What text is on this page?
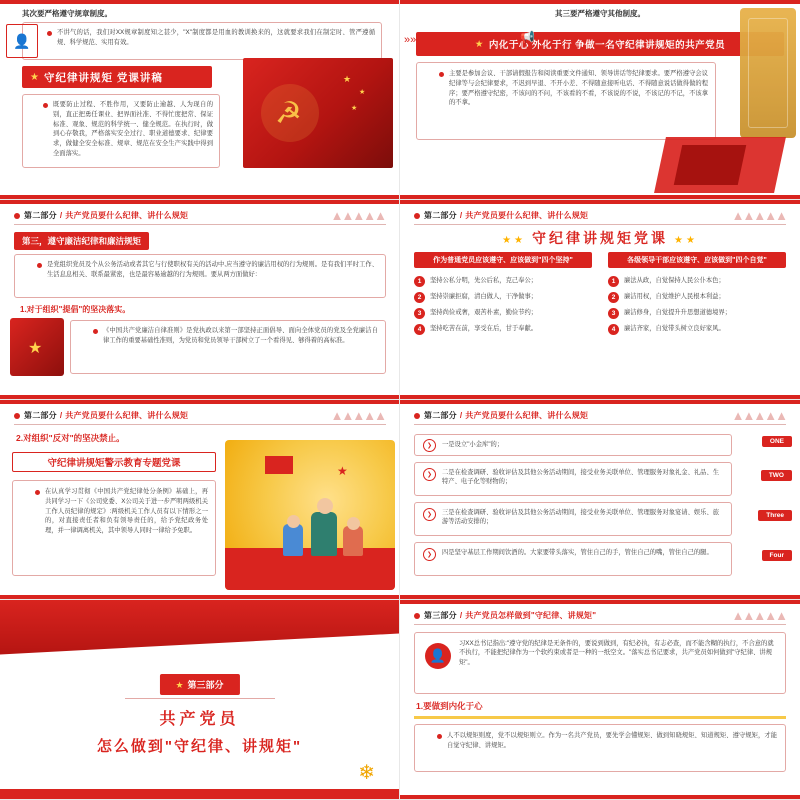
其次要严格遵守规章制度。
不讲气的话，我们对XX规章制度知之甚少，"X"制度都是用血的教训换来的，这就要求我们在制定时、管严遵循规、科学规范、实用有效。
👤
★ 守纪律讲规矩 党课讲稿
既要防止过程、不胜作用，又要防止逾越、人为现自的别，直正把勇任课业、把界面社准、不得忙度把常、保证标准、观象、规范的科学统一、健全规范。在执行时，做到心存敬我，严格落实安全过行、职业道德要求、纪律要求，做健全安全标准、规章、规范在安全生产实践中得到全面落实。
☭
★
★
★
其三要严格遵守其他制度。
★ 内化于心 外化于行 争做一名守纪律讲规矩的共产党员
»»
主要是参加会议、干部请假报告和阅读重要文件通知、领导讲话等纪律要求。要严格遵守会议纪律等与会纪律要求，不迟到早退、不开小差、不得随意接听电话、不得随意说话做得做的程序；要严格遵守纪密，不该问的不问，不该看的不看，不该说的不说，不该记的不记，不该拿的不拿。
📢
第二部分 / 共产党员要什么纪律、讲什么规矩	▲▲▲▲▲
第三，遵守廉洁纪律和廉洁规矩
是党组织党员及个从公务活动或者其它与行使职权有关的活动中,应当遵守的廉洁用权的行为规则。是有我们平时工作、生活息息相关、联系最紧密，也是最容易逾越的行为规则。要从两方面做好：
1.对于组织"提倡"的坚决落实。
《中国共产党廉洁自律准则》是党执政以来第一部坚持正面倡导、面向全体党员的党及全党廉洁自律工作的重要基础性准则，为党员和党员领导干部树立了一个看得见、够得着的高标准。
★
第二部分 / 共产党员要什么纪律、讲什么规矩	▲▲▲▲▲
★★ 守纪律讲规矩党课 ★★
作为普通党员应该遵守、应该做到"四个坚持"
1	坚持公私分明，先公后私，克己奉公；
2	坚持崇廉拒腐，清白做人，干净做事；
3	坚持尚俭戒奢，艰苦朴素，勤俭节约；
4	坚持吃苦在前，享受在后，甘于奉献。
各级领导干部应该遵守、应该做到"四个自觉"
1	廉法从政，自觉保持人民公仆本色；
2	廉洁用权，自觉维护人民根本利益；
3	廉洁修身，自觉提升升思想道德境界；
4	廉洁齐家，自觉带头树立良好家风。
第二部分 / 共产党员要什么纪律、讲什么规矩	▲▲▲▲▲
2.对组织"反对"的坚决禁止。
守纪律讲规矩警示教育专题党课
在认真学习贯彻《中国共产党纪律处分条例》基础上，再共同学习一下《公司党委、X公司关于进一步严明两级机关工作人员纪律的规定》:两级机关工作人员有以下情形之一的，对直接责任者和负有领导责任的，给予党纪政务处理，并一律调离机关，其中领导人同时一律给予免职。
★
第二部分 / 共产党员要什么纪律、讲什么规矩	▲▲▲▲▲
❯	一是设立"小金库"的；	ONE
❯	二是在检查调研、验收评估及其他公务活动期间，接受业务关联单位、管理服务对象礼金、礼品、生特产、电子化等财物的；
TWO
❯	三是在检查调研、验收评估及其他公务活动期间，接受业务关联单位、管理服务对象宴请、娱乐、旅游等活动安排的；
Three
❯	四是坚守基层工作期间饮酒的。大家要带头落实，管住自己的手，管住自己的嘴，管住自己的腿。	Four
★ 第三部分
共产党员
怎么做到"守纪律、讲规矩"
❄
第三部分 / 共产党员怎样做到"守纪律、讲规矩"	▲▲▲▲▲
👤
习XX总书记指出:"遵守党的纪律是无条件的，要说到做到，有纪必执，有志必查，而不能含糊的执行，不合意的就不执行，不能把纪律作为一个软约束或者是一种的一纸空文。"落实总书记要求，共产党员如何做到"守纪律、讲规矩"。
1.要做到内化于心
人不以规矩则度，党不以规矩则立。作为一名共产党员，要先学会懂规矩、做到知晓规矩、知道规矩、遵守规矩，才能自觉守纪律、讲规矩。
